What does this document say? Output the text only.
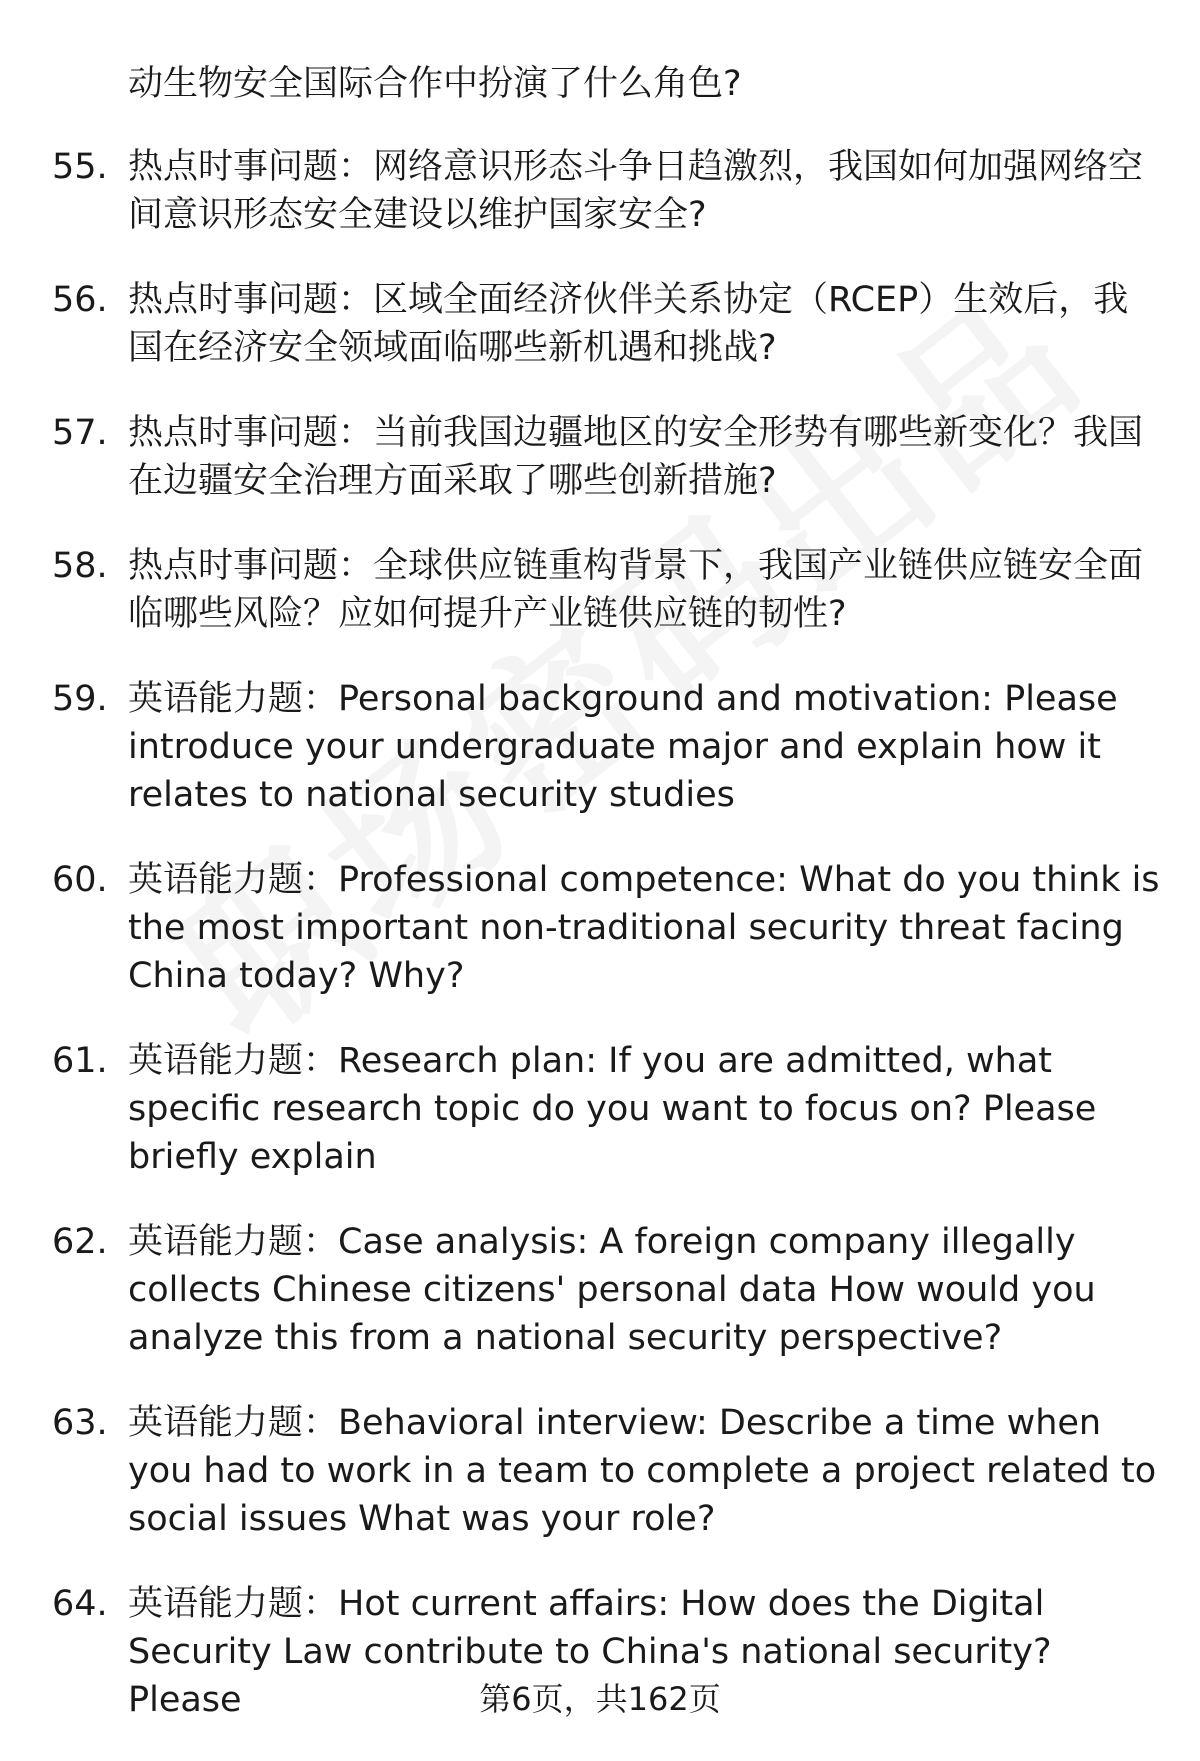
动生物安全国际合作中扮演了什么角色?
55. 热点时事问题：网络意识形态斗争日趋激烈，我国如何加强网络空间意识形态安全建设以维护国家安全?
56. 热点时事问题：区域全面经济伙伴关系协定（RCEP）生效后，我国在经济安全领域面临哪些新机遇和挑战?
57. 热点时事问题：当前我国边疆地区的安全形势有哪些新变化？我国在边疆安全治理方面采取了哪些创新措施?
58. 热点时事问题：全球供应链重构背景下，我国产业链供应链安全面临哪些风险？应如何提升产业链供应链的韧性?
59. 英语能力题：Personal background and motivation: Please introduce your undergraduate major and explain how it relates to national security studies
60. 英语能力题：Professional competence: What do you think is the most important non-traditional security threat facing China today? Why?
61. 英语能力题：Research plan: If you are admitted, what specific research topic do you want to focus on? Please briefly explain
62. 英语能力题：Case analysis: A foreign company illegally collects Chinese citizens' personal data How would you analyze this from a national security perspective?
63. 英语能力题：Behavioral interview: Describe a time when you had to work in a team to complete a project related to social issues What was your role?
64. 英语能力题：Hot current affairs: How does the Digital Security Law contribute to China's national security? Please	第6页，共162页
